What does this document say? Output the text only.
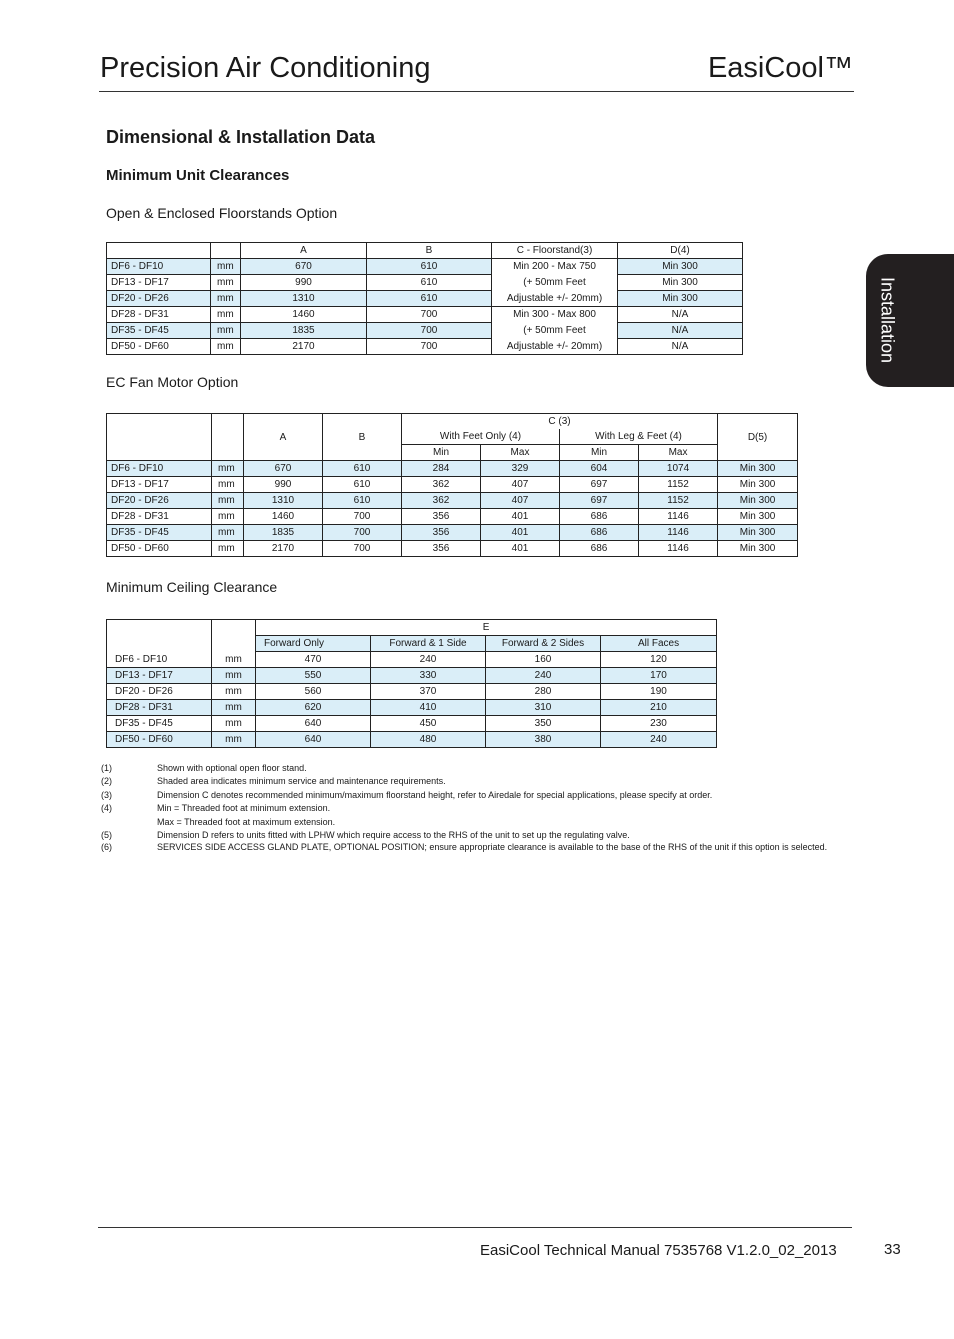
Precision Air Conditioning	EasiCool™
Installation
Dimensional & Installation Data
Minimum Unit Clearances
Open & Enclosed Floorstands Option
		A	B	C - Floorstand(3)	D(4)
DF6 - DF10	mm	670	610	Min 200 - Max 750	Min 300
DF13 - DF17	mm	990	610	(+ 50mm Feet	Min 300
DF20 - DF26	mm	1310	610	Adjustable +/- 20mm)	Min 300
DF28 - DF31	mm	1460	700	Min 300 - Max 800	N/A
DF35 - DF45	mm	1835	700	(+ 50mm Feet	N/A
DF50 - DF60	mm	2170	700	Adjustable +/- 20mm)	N/A
EC Fan Motor Option
		A	B	C (3)				D(5)
				With Feet Only (4)		With Leg & Feet (4)		
				Min	Max	Min	Max	
DF6 - DF10	mm	670	610	284	329	604	1074	Min 300
DF13 - DF17	mm	990	610	362	407	697	1152	Min 300
DF20 - DF26	mm	1310	610	362	407	697	1152	Min 300
DF28 - DF31	mm	1460	700	356	401	686	1146	Min 300
DF35 - DF45	mm	1835	700	356	401	686	1146	Min 300
DF50 - DF60	mm	2170	700	356	401	686	1146	Min 300
Minimum Ceiling Clearance
		E			
		Forward Only	Forward & 1 Side	Forward & 2 Sides	All Faces
DF6 - DF10	mm	470	240	160	120
DF13 - DF17	mm	550	330	240	170
DF20 - DF26	mm	560	370	280	190
DF28 - DF31	mm	620	410	310	210
DF35 - DF45	mm	640	450	350	230
DF50 - DF60	mm	640	480	380	240
(1)	Shown with optional open floor stand.
(2)	Shaded area indicates minimum service and maintenance requirements.
(3)	Dimension C denotes recommended minimum/maximum floorstand height, refer to Airedale for special applications, please specify at order.
(4)	Min = Threaded foot at minimum extension.
Max = Threaded foot at maximum extension.
(5)	Dimension D refers to units fitted with LPHW which require access to the RHS of the unit to set up the regulating valve.
(6)	SERVICES SIDE ACCESS GLAND PLATE, OPTIONAL POSITION; ensure appropriate clearance is available to the base of the RHS of the unit if this option is selected.
EasiCool Technical Manual 7535768 V1.2.0_02_2013	33
